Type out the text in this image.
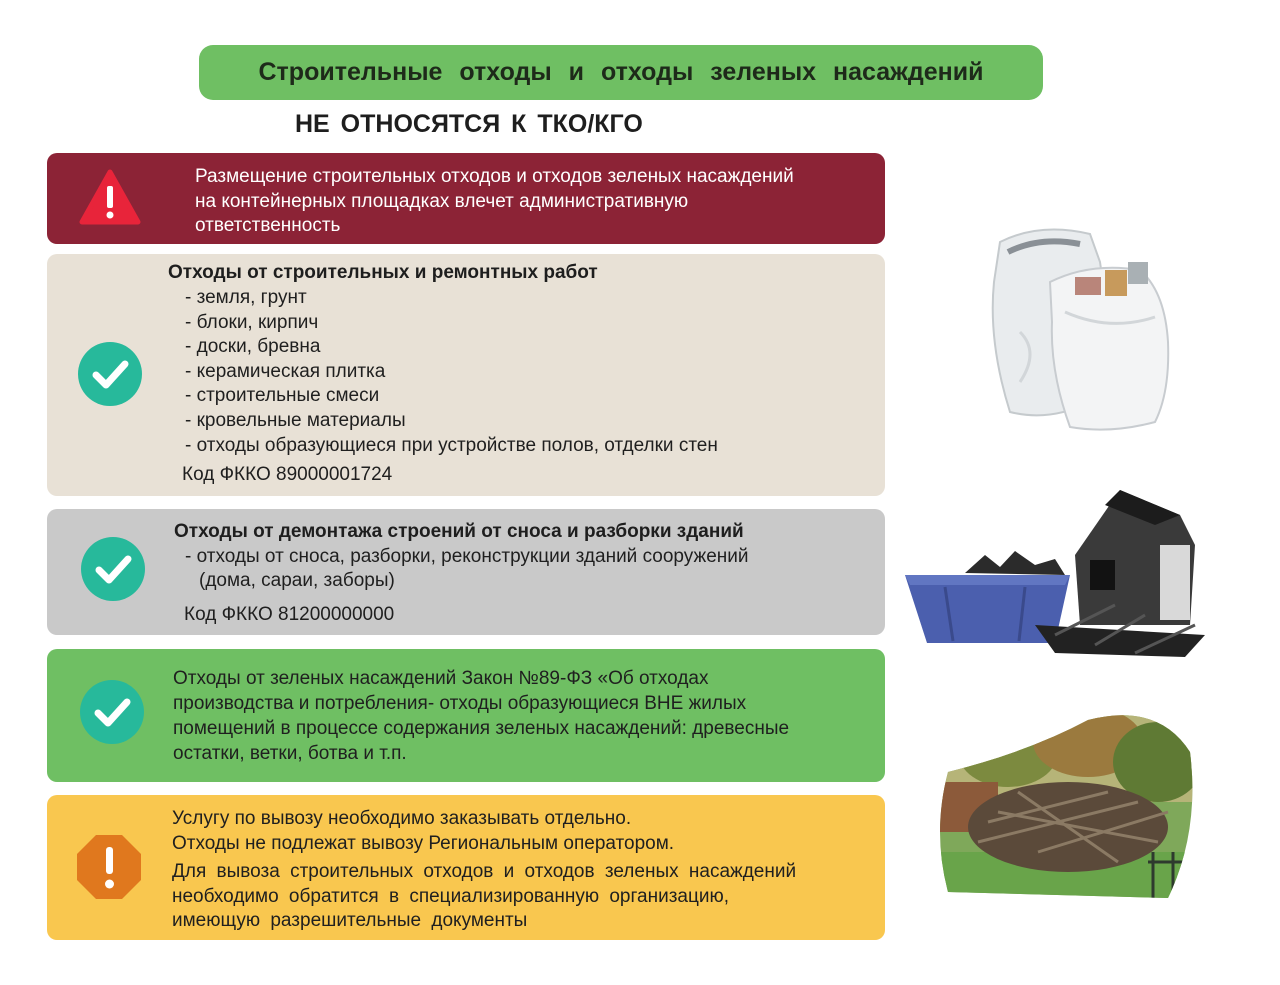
Строительные отходы и отходы зеленых насаждений
НЕ ОТНОСЯТСЯ К ТКО/КГО
Размещение строительных отходов и отходов зеленых насаждений на контейнерных площадках влечет административную ответственность
Отходы от строительных и ремонтных работ
- земля, грунт
- блоки, кирпич
- доски, бревна
- керамическая плитка
- строительные смеси
- кровельные материалы
- отходы образующиеся при устройстве полов, отделки стен
Код ФККО 89000001724
Отходы от демонтажа строений от сноса и разборки зданий
- отходы от сноса, разборки, реконструкции зданий сооружений
(дома, сараи, заборы)
Код ФККО 81200000000

Отходы от зеленых насаждений Закон №89-ФЗ «Об отходах производства и потребления- отходы образующиеся ВНЕ жилых помещений в процессе содержания зеленых насаждений: древесные остатки, ветки, ботва и т.п.

Услугу по вывозу необходимо заказывать отдельно.
Отходы не подлежат вывозу Региональным оператором.

Для вывоза строительных отходов и отходов зеленых насаждений необходимо обратится в специализированную организацию, имеющую разрешительные документы
